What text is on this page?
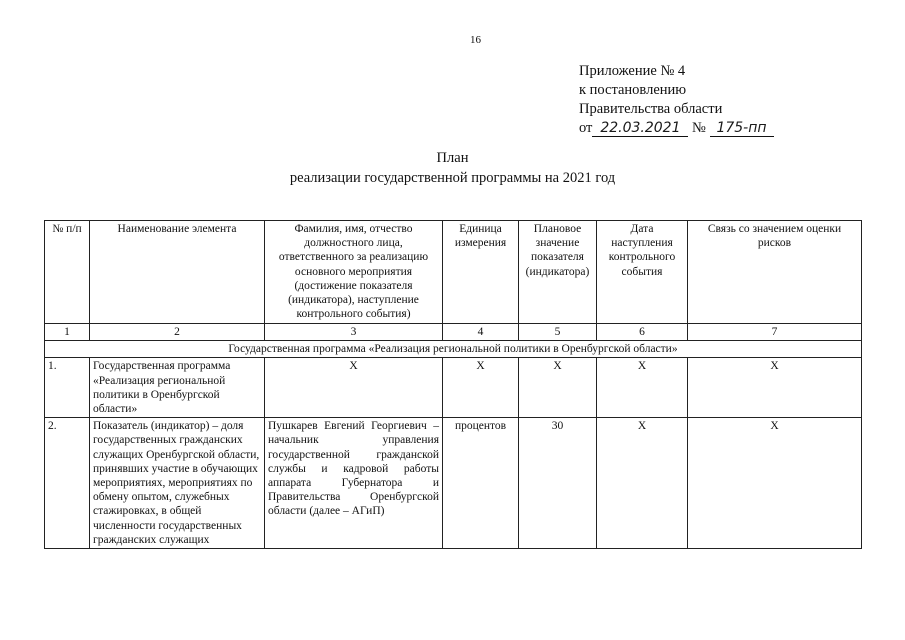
16
Приложение № 4
к постановлению
Правительства области
от 22.03.2021 № 175-пп
План
реализации государственной программы на 2021 год
№ п/п	Наименование элемента	Фамилия, имя, отчество должностного лица, ответственного за реализацию основного мероприятия (достижение показателя (индикатора), наступление контрольного события)	Единица измерения	Плановое значение показателя (индикатора)	Дата наступления контрольного события	Связь со значением оценки рисков
1	2	3	4	5	6	7
Государственная программа «Реализация региональной политики в Оренбургской области»						
1.	Государственная программа «Реализация региональной политики в Оренбургской области»	Х	Х	Х	Х	Х
2.	Показатель (индикатор) – доля государственных гражданских служащих Оренбургской области, принявших участие в обучающих мероприятиях, мероприятиях по обмену опытом, служебных стажировках, в общей численности государственных гражданских служащих	Пушкарев Евгений Георгиевич – начальник управления государственной гражданской службы и кадровой работы аппарата Губернатора и Правительства Оренбургской области (далее – АГиП)	процентов	30	Х	Х
